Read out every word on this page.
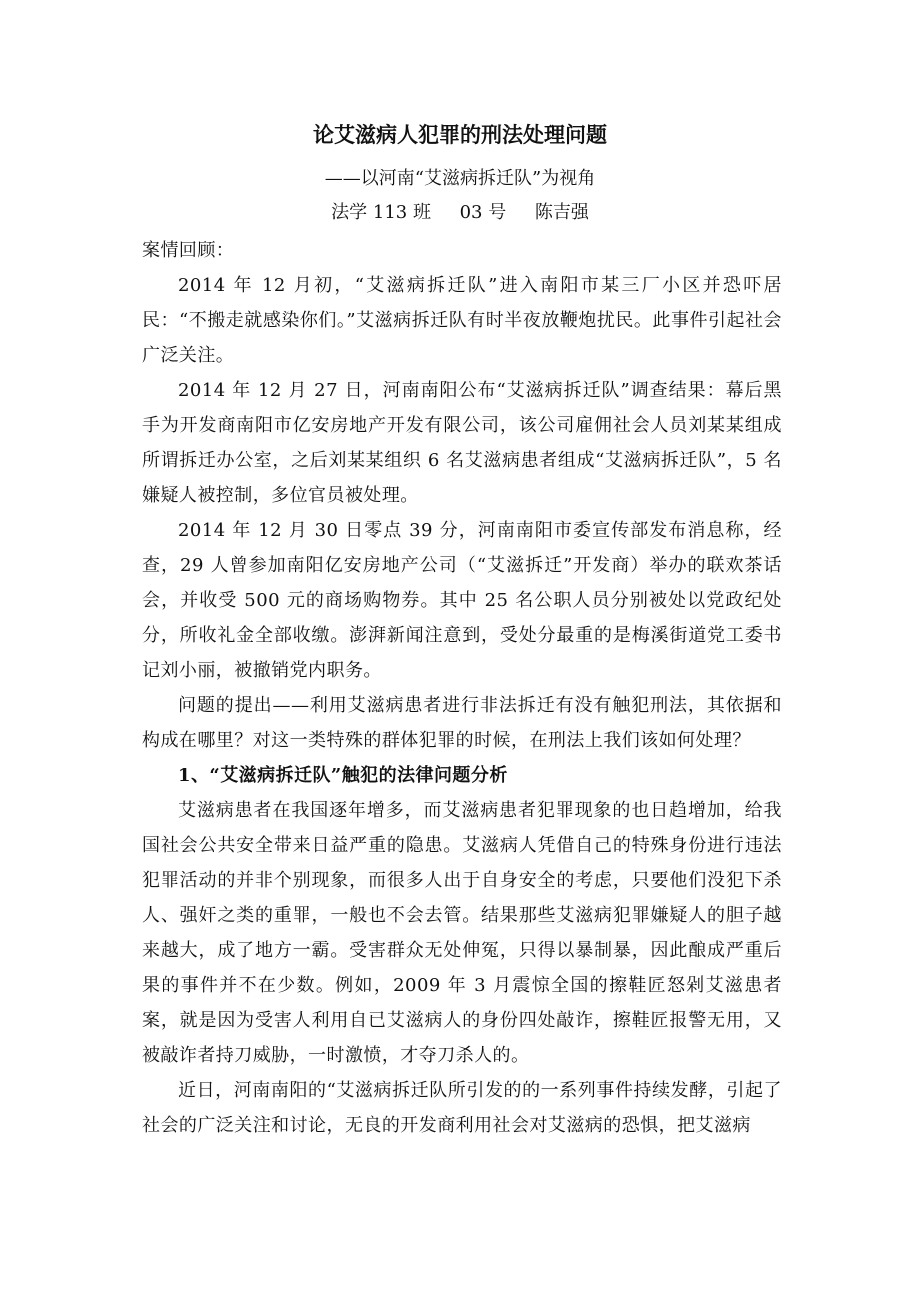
论艾滋病人犯罪的刑法处理问题
——以河南“艾滋病拆迁队”为视角
法学 113 班     03 号     陈吉强

案情回顾：

2014 年 12 月初，“艾滋病拆迁队”进入南阳市某三厂小区并恐吓居民：“不搬走就感染你们。”艾滋病拆迁队有时半夜放鞭炮扰民。此事件引起社会广泛关注。

2014 年 12 月 27 日，河南南阳公布“艾滋病拆迁队”调查结果：幕后黑手为开发商南阳市亿安房地产开发有限公司，该公司雇佣社会人员刘某某组成所谓拆迁办公室，之后刘某某组织 6 名艾滋病患者组成“艾滋病拆迁队”，5 名嫌疑人被控制，多位官员被处理。

2014 年 12 月 30 日零点 39 分，河南南阳市委宣传部发布消息称，经查，29 人曾参加南阳亿安房地产公司（“艾滋拆迁”开发商）举办的联欢茶话会，并收受 500 元的商场购物券。其中 25 名公职人员分别被处以党政纪处分，所收礼金全部收缴。澎湃新闻注意到，受处分最重的是梅溪街道党工委书记刘小丽，被撤销党内职务。

问题的提出——利用艾滋病患者进行非法拆迁有没有触犯刑法，其依据和构成在哪里？对这一类特殊的群体犯罪的时候，在刑法上我们该如何处理？

1、“艾滋病拆迁队”触犯的法律问题分析

艾滋病患者在我国逐年增多，而艾滋病患者犯罪现象的也日趋增加，给我国社会公共安全带来日益严重的隐患。艾滋病人凭借自己的特殊身份进行违法犯罪活动的并非个别现象，而很多人出于自身安全的考虑，只要他们没犯下杀人、强奸之类的重罪，一般也不会去管。结果那些艾滋病犯罪嫌疑人的胆子越来越大，成了地方一霸。受害群众无处伸冤，只得以暴制暴，因此酿成严重后果的事件并不在少数。例如，2009 年 3 月震惊全国的擦鞋匠怒剁艾滋患者案，就是因为受害人利用自已艾滋病人的身份四处敲诈，擦鞋匠报警无用，又被敲诈者持刀威胁，一时激愤，才夺刀杀人的。

近日，河南南阳的“艾滋病拆迁队所引发的的一系列事件持续发酵，引起了社会的广泛关注和讨论，无良的开发商利用社会对艾滋病的恐惧，把艾滋病
